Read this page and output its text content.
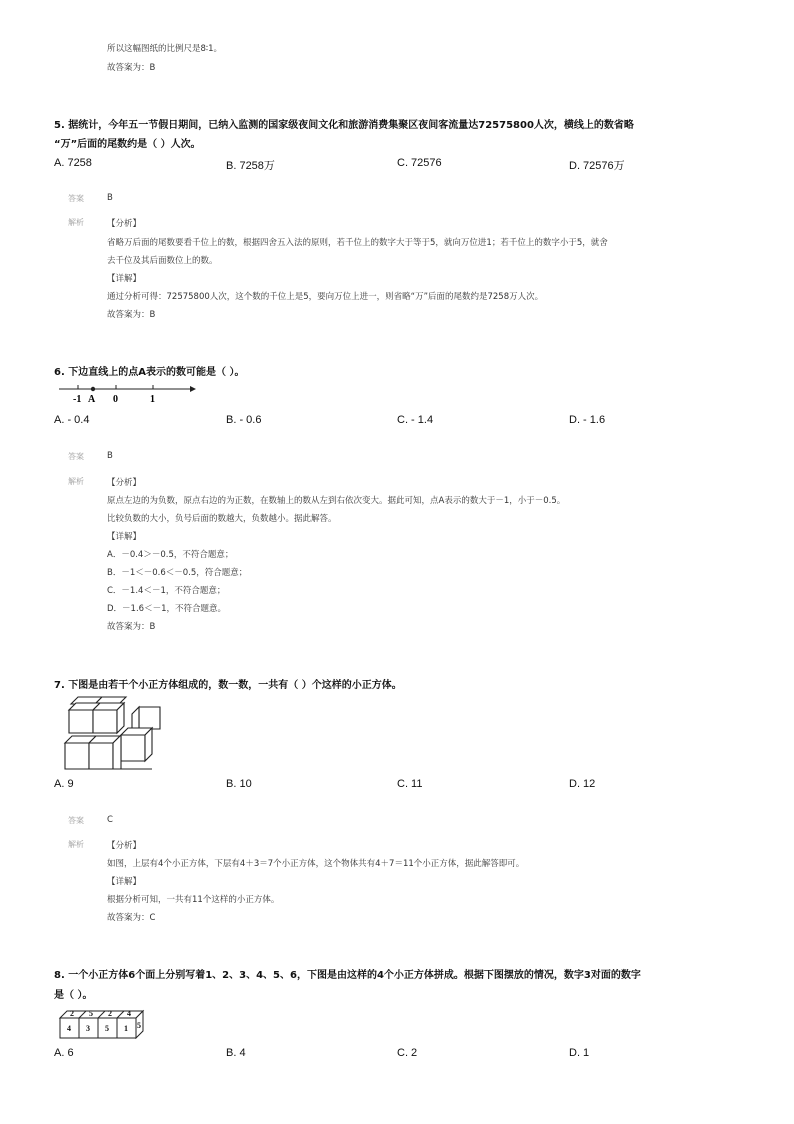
所以这幅图纸的比例尺是8∶1。
故答案为：B
5. 据统计，今年五一节假日期间，已纳入监测的国家级夜间文化和旅游消费集聚区夜间客流量达72575800人次，横线上的数省略
“万”后面的尾数约是（ ）人次。
A. 7258	B. 7258万	C. 72576	D. 72576万
答案	B
解析	【分析】
省略万后面的尾数要看千位上的数，根据四舍五入法的原则，若千位上的数字大于等于5，就向万位进1；若千位上的数字小于5，就舍
去千位及其后面数位上的数。
【详解】
通过分析可得：72575800人次，这个数的千位上是5，要向万位上进一，则省略“万”后面的尾数约是7258万人次。
故答案为：B
6. 下边直线上的点A表示的数可能是（ ）。
-1 A 0	1
A. - 0.4	B. - 0.6	C. - 1.4	D. - 1.6
答案	B
解析	【分析】
原点左边的为负数，原点右边的为正数，在数轴上的数从左到右依次变大。据此可知，点A表示的数大于－1，小于－0.5。
比较负数的大小，负号后面的数越大，负数越小。据此解答。
【详解】
A．－0.4＞－0.5，不符合题意；
B．－1＜－0.6＜－0.5，符合题意；
C．－1.4＜－1，不符合题意；
D．－1.6＜－1，不符合题意。
故答案为：B
7. 下图是由若干个小正方体组成的，数一数，一共有（ ）个这样的小正方体。
A. 9	B. 10	C. 11	D. 12
答案	C
解析	【分析】
如图，上层有4个小正方体，下层有4＋3＝7个小正方体，这个物体共有4＋7＝11个小正方体，据此解答即可。
【详解】
根据分析可知，一共有11个这样的小正方体。
故答案为：C
8. 一个小正方体6个面上分别写着1、2、3、4、5、6，下图是由这样的4个小正方体拼成。根据下图摆放的情况，数字3对面的数字
是（ ）。
2 5 2 4
4 3 5 1 5
A. 6	B. 4	C. 2	D. 1
